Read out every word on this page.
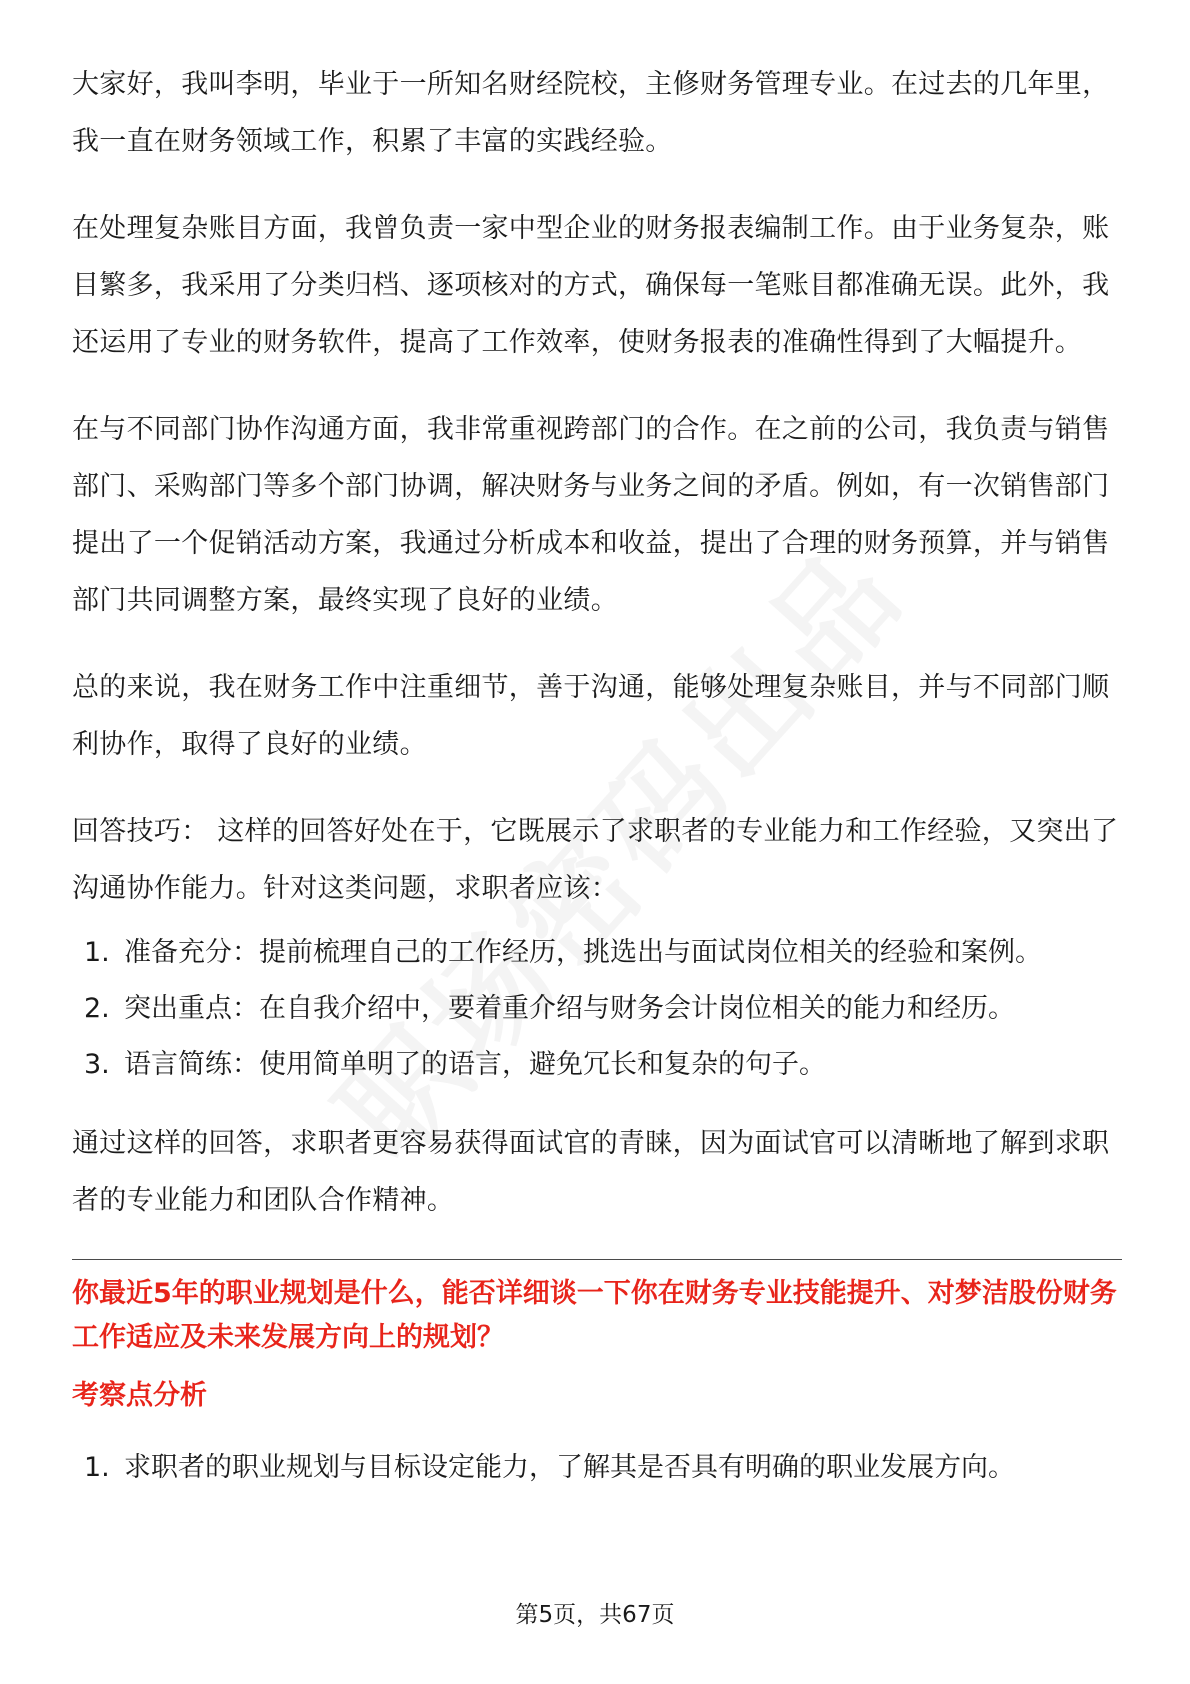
大家好，我叫李明，毕业于一所知名财经院校，主修财务管理专业。在过去的几年里，我一直在财务领域工作，积累了丰富的实践经验。

在处理复杂账目方面，我曾负责一家中型企业的财务报表编制工作。由于业务复杂，账目繁多，我采用了分类归档、逐项核对的方式，确保每一笔账目都准确无误。此外，我还运用了专业的财务软件，提高了工作效率，使财务报表的准确性得到了大幅提升。

在与不同部门协作沟通方面，我非常重视跨部门的合作。在之前的公司，我负责与销售部门、采购部门等多个部门协调，解决财务与业务之间的矛盾。例如，有一次销售部门提出了一个促销活动方案，我通过分析成本和收益，提出了合理的财务预算，并与销售部门共同调整方案，最终实现了良好的业绩。

总的来说，我在财务工作中注重细节，善于沟通，能够处理复杂账目，并与不同部门顺利协作，取得了良好的业绩。

回答技巧： 这样的回答好处在于，它既展示了求职者的专业能力和工作经验，又突出了沟通协作能力。针对这类问题，求职者应该：

1. 准备充分：提前梳理自己的工作经历，挑选出与面试岗位相关的经验和案例。
2. 突出重点：在自我介绍中，要着重介绍与财务会计岗位相关的能力和经历。
3. 语言简练：使用简单明了的语言，避免冗长和复杂的句子。

通过这样的回答，求职者更容易获得面试官的青睐，因为面试官可以清晰地了解到求职者的专业能力和团队合作精神。

你最近5年的职业规划是什么，能否详细谈一下你在财务专业技能提升、对梦洁股份财务工作适应及未来发展方向上的规划？

考察点分析

1. 求职者的职业规划与目标设定能力，了解其是否具有明确的职业发展方向。
第5页，共67页
